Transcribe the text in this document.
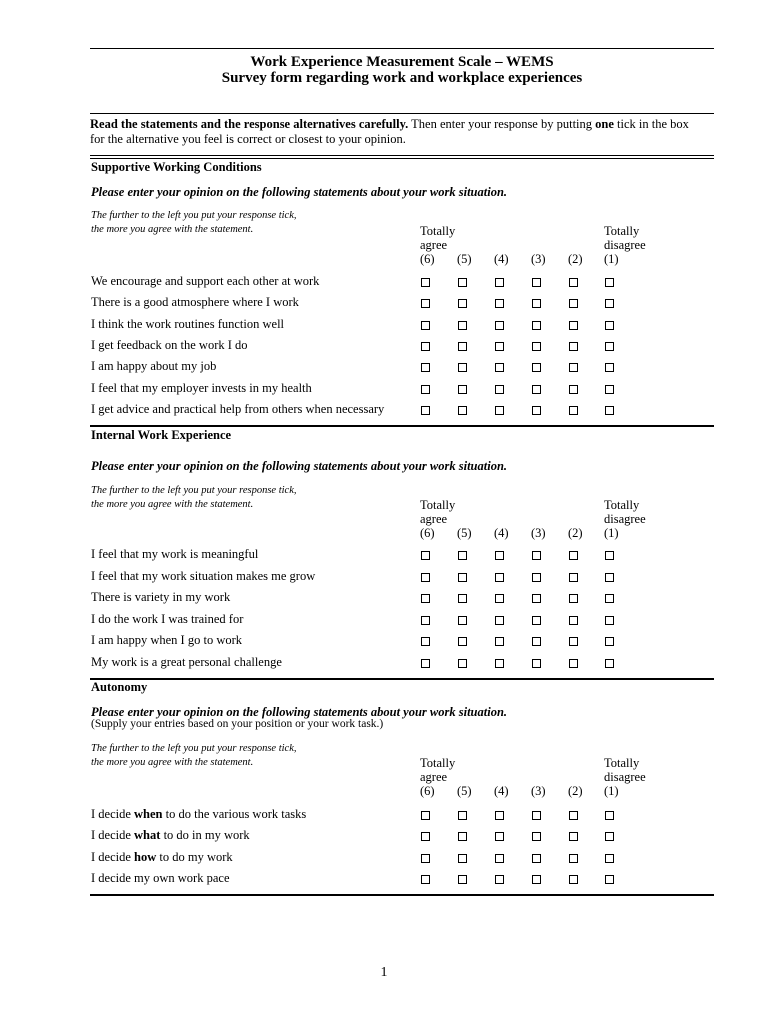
Work Experience Measurement Scale – WEMS
Survey form regarding work and workplace experiences
Read the statements and the response alternatives carefully. Then enter your response by putting one tick in the box
for the alternative you feel is correct or closest to your opinion.
Supportive Working Conditions
Please enter your opinion on the following statements about your work situation.
The further to the left you put your response tick,
the more you agree with the statement.	Totally
agree
Totally
disagree
(6) (5) (4) (3) (2) (1)
We encourage and support each other at work
There is a good atmosphere where I work
I think the work routines function well
I get feedback on the work I do
I am happy about my job
I feel that my employer invests in my health
I get advice and practical help from others when necessary
Internal Work Experience
Please enter your opinion on the following statements about your work situation.
The further to the left you put your response tick,
the more you agree with the statement.	Totally
agree
Totally
disagree
(6) (5) (4) (3) (2) (1)
I feel that my work is meaningful
I feel that my work situation makes me grow
There is variety in my work
I do the work I was trained for
I am happy when I go to work
My work is a great personal challenge
Autonomy
Please enter your opinion on the following statements about your work situation.
(Supply your entries based on your position or your work task.)
The further to the left you put your response tick,
the more you agree with the statement.	Totally
agree
Totally
disagree
(6) (5) (4) (3) (2) (1)
I decide when to do the various work tasks
I decide what to do in my work
I decide how to do my work
I decide my own work pace
1
